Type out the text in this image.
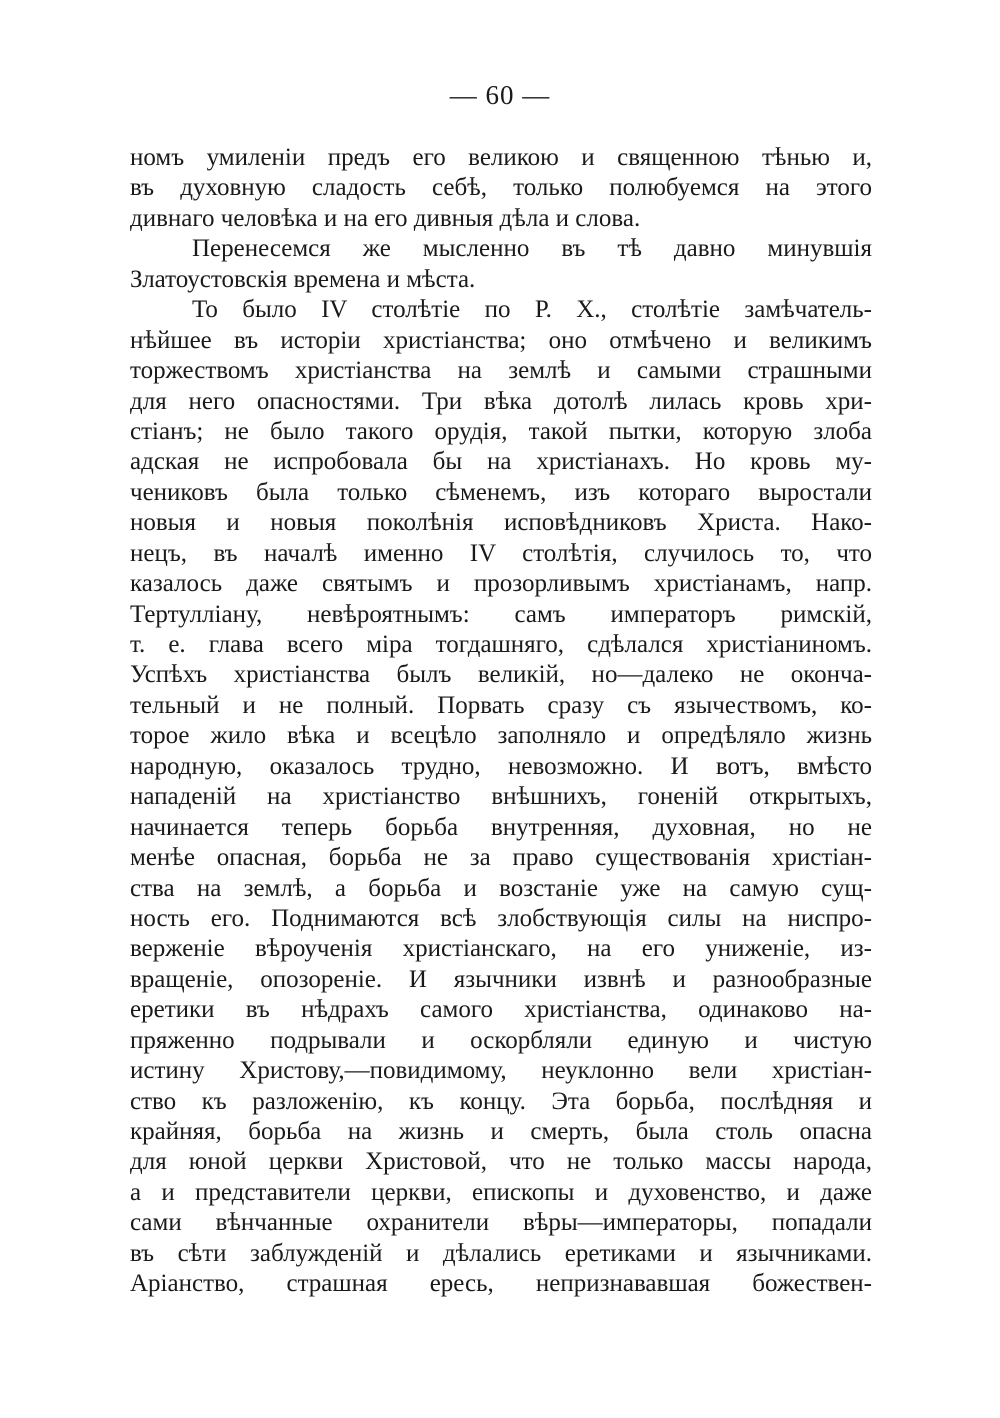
— 60 —
номъ умиленіи предъ его великою и священною тѣнью и,
въ духовную сладость себѣ, только полюбуемся на этого
дивнаго человѣка и на его дивныя дѣла и слова.
Перенесемся же мысленно въ тѣ давно минувшія
Златоустовскія времена и мѣста.
То было IV столѣтіе по Р. X., столѣтіе замѣчатель-
нѣйшее въ исторіи христіанства; оно отмѣчено и великимъ
торжествомъ христіанства на землѣ и самыми страшными
для него опасностями. Три вѣка дотолѣ лилась кровь хри-
стіанъ; не было такого орудія, такой пытки, которую злоба
адская не испробовала бы на христіанахъ. Но кровь му-
чениковъ была только сѣменемъ, изъ котораго выростали
новыя и новыя поколѣнія исповѣдниковъ Христа. Нако-
нецъ, въ началѣ именно IV столѣтія, случилось то, что
казалось даже святымъ и прозорливымъ христіанамъ, напр.
Тертулліану, невѣроятнымъ: самъ императоръ римскій,
т. е. глава всего міра тогдашняго, сдѣлался христіаниномъ.
Успѣхъ христіанства былъ великій, но—далеко не оконча-
тельный и не полный. Порвать сразу съ язычествомъ, ко-
торое жило вѣка и всецѣло заполняло и опредѣляло жизнь
народную, оказалось трудно, невозможно. И вотъ, вмѣсто
нападеній на христіанство внѣшнихъ, гоненій открытыхъ,
начинается теперь борьба внутренняя, духовная, но не
менѣе опасная, борьба не за право существованія христіан-
ства на землѣ, а борьба и возстаніе уже на самую сущ-
ность его. Поднимаются всѣ злобствующія силы на ниспро-
верженіе вѣроученія христіанскаго, на его униженіе, из-
вращеніе, опозореніе. И язычники извнѣ и разнообразные
еретики въ нѣдрахъ самого христіанства, одинаково на-
пряженно подрывали и оскорбляли единую и чистую
истину Христову,—повидимому, неуклонно вели христіан-
ство къ разложенію, къ концу. Эта борьба, послѣдняя и
крайняя, борьба на жизнь и смерть, была столь опасна
для юной церкви Христовой, что не только массы народа,
а и представители церкви, епископы и духовенство, и даже
сами вѣнчанные охранители вѣры—императоры, попадали
въ сѣти заблужденій и дѣлались еретиками и язычниками.
Аріанство, страшная ересь, непризнававшая божествен-
